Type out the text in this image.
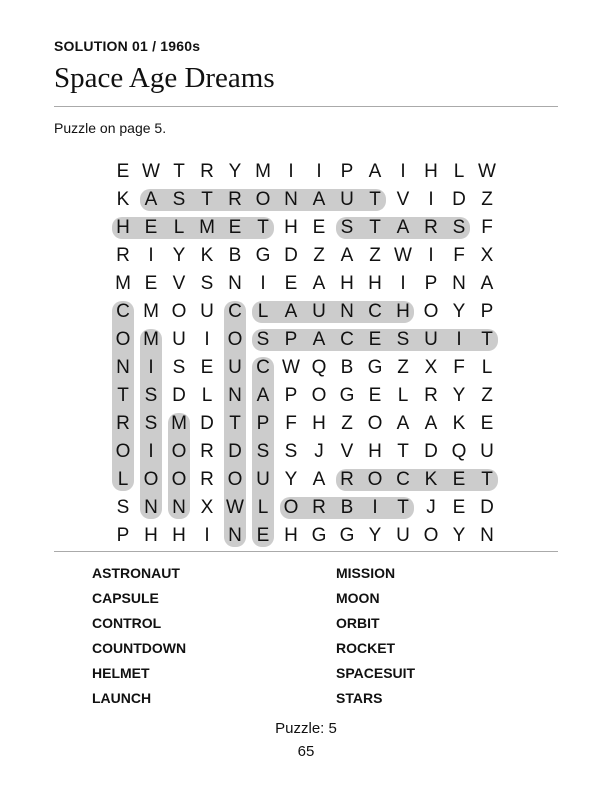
SOLUTION 01 / 1960s
Space Age Dreams
Puzzle on page 5.
E W T R Y M I	I	P A	I H L W
K A S T R O N A U T V	I D Z
H E L M E T H E S T A R S F
R I	Y K B G D Z A Z W I	F X
M E V S N I	E A H H I	P N A
C M O U C L A U N C H O Y P
O M U I O S P A C E S U I	T
N I	S E U C W Q B G Z X F L
T S D L N A P O G E L R Y Z
R S M D T P F H Z O A A K E
O I O R D S S J V H T D Q U
L O O R O U Y A R O C K E T
S N N X W L O R B	I	T J E D
P H H I N E H G G Y U O Y N
ASTRONAUT
CAPSULE
CONTROL
COUNTDOWN
HELMET
LAUNCH
MISSION
MOON
ORBIT
ROCKET
SPACESUIT
STARS
Puzzle: 5
65
